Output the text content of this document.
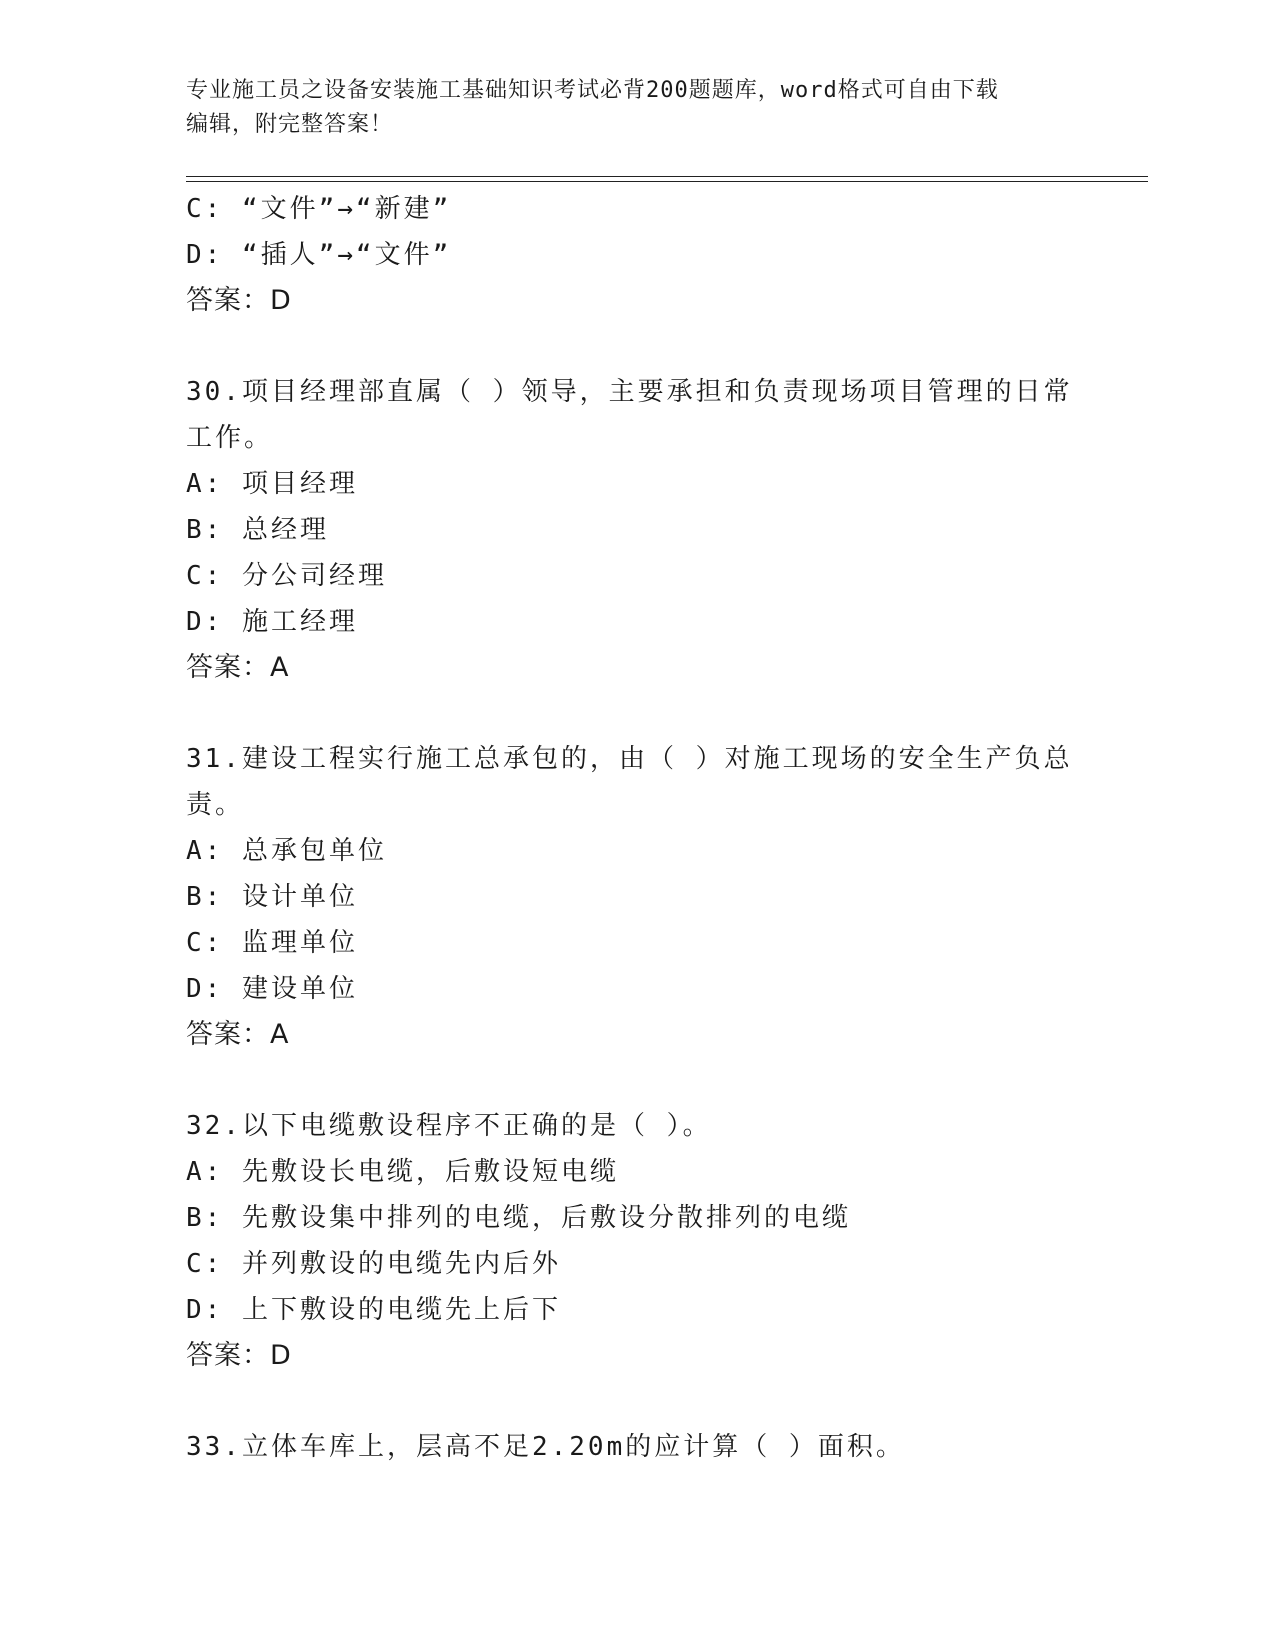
专业施工员之设备安装施工基础知识考试必背200题题库，word格式可自由下载
编辑，附完整答案！
C: “文件”→“新建”
D: “插人”→“文件”
答案：D
30.项目经理部直属（ ）领导，主要承担和负责现场项目管理的日常
工作。
A: 项目经理
B: 总经理
C: 分公司经理
D: 施工经理
答案：A
31.建设工程实行施工总承包的，由（ ）对施工现场的安全生产负总
责。
A: 总承包单位
B: 设计单位
C: 监理单位
D: 建设单位
答案：A
32.以下电缆敷设程序不正确的是（ ）。
A: 先敷设长电缆，后敷设短电缆
B: 先敷设集中排列的电缆，后敷设分散排列的电缆
C: 并列敷设的电缆先内后外
D: 上下敷设的电缆先上后下
答案：D
33.立体车库上，层高不足2.20m的应计算（ ）面积。
